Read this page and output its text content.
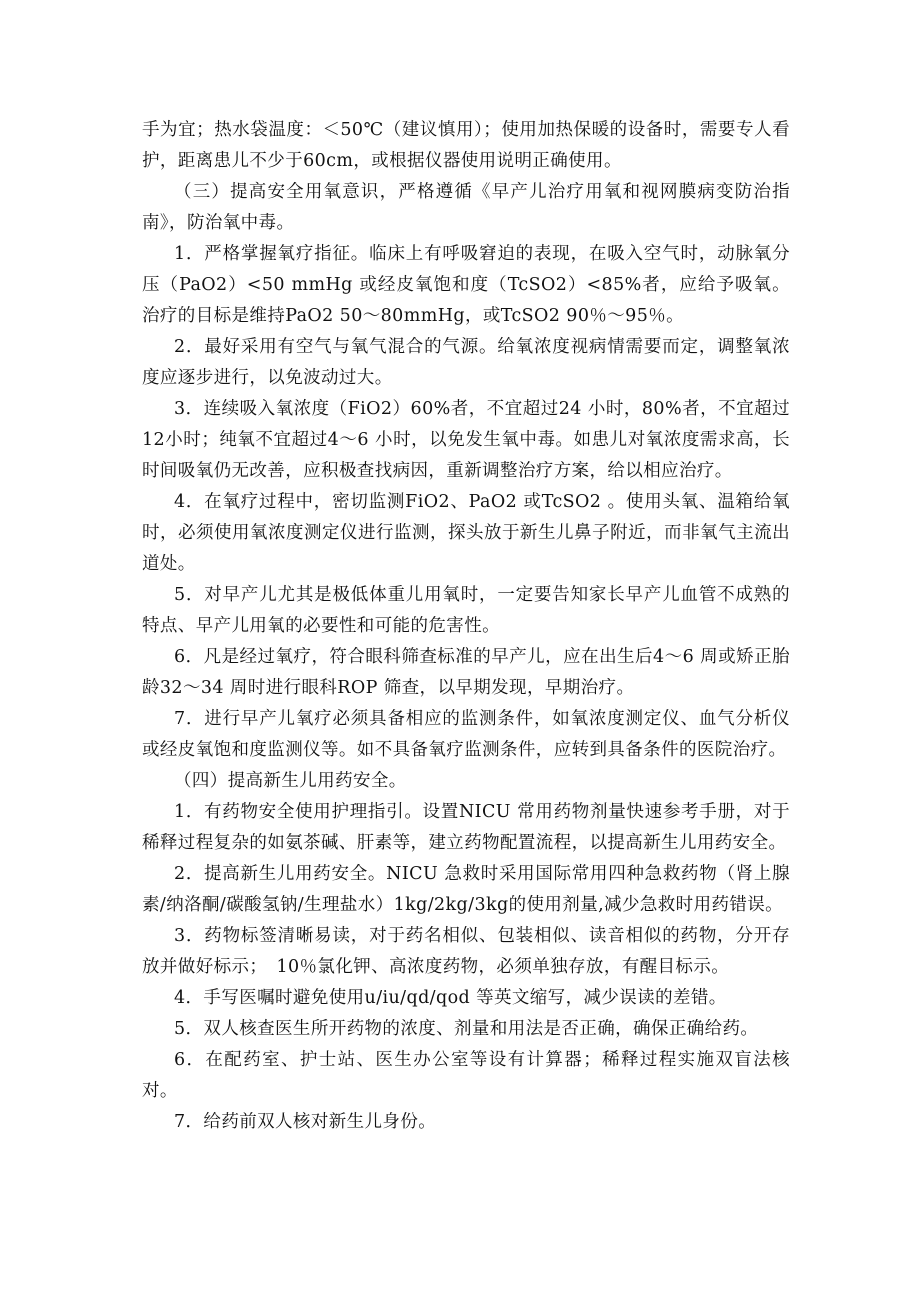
手为宜；热水袋温度：＜50℃（建议慎用）；使用加热保暖的设备时，需要专人看护，距离患儿不少于60cm，或根据仪器使用说明正确使用。

（三）提高安全用氧意识，严格遵循《早产儿治疗用氧和视网膜病变防治指南》，防治氧中毒。

1．严格掌握氧疗指征。临床上有呼吸窘迫的表现，在吸入空气时，动脉氧分压（PaO2）<50 mmHg 或经皮氧饱和度（TcSO2）<85%者，应给予吸氧。治疗的目标是维持PaO2 50～80mmHg，或TcSO2 90％～95％。

2．最好采用有空气与氧气混合的气源。给氧浓度视病情需要而定，调整氧浓度应逐步进行，以免波动过大。

3．连续吸入氧浓度（FiO2）60%者，不宜超过24 小时，80%者，不宜超过12小时；纯氧不宜超过4～6 小时，以免发生氧中毒。如患儿对氧浓度需求高，长时间吸氧仍无改善，应积极查找病因，重新调整治疗方案，给以相应治疗。

4．在氧疗过程中，密切监测FiO2、PaO2 或TcSO2 。使用头氧、温箱给氧时，必须使用氧浓度测定仪进行监测，探头放于新生儿鼻子附近，而非氧气主流出道处。

5．对早产儿尤其是极低体重儿用氧时，一定要告知家长早产儿血管不成熟的特点、早产儿用氧的必要性和可能的危害性。

6．凡是经过氧疗，符合眼科筛查标准的早产儿，应在出生后4～6 周或矫正胎龄32～34 周时进行眼科ROP 筛查，以早期发现，早期治疗。

7．进行早产儿氧疗必须具备相应的监测条件，如氧浓度测定仪、血气分析仪或经皮氧饱和度监测仪等。如不具备氧疗监测条件，应转到具备条件的医院治疗。

（四）提高新生儿用药安全。

1．有药物安全使用护理指引。设置NICU 常用药物剂量快速参考手册，对于稀释过程复杂的如氨茶碱、肝素等，建立药物配置流程，以提高新生儿用药安全。

2．提高新生儿用药安全。NICU 急救时采用国际常用四种急救药物（肾上腺素/纳洛酮/碳酸氢钠/生理盐水）1kg/2kg/3kg的使用剂量,减少急救时用药错误。

3．药物标签清晰易读，对于药名相似、包装相似、读音相似的药物，分开存放并做好标示；　10％氯化钾、高浓度药物，必须单独存放，有醒目标示。

4．手写医嘱时避免使用u/iu/qd/qod 等英文缩写，减少误读的差错。

5．双人核查医生所开药物的浓度、剂量和用法是否正确，确保正确给药。

6．在配药室、护士站、医生办公室等设有计算器；稀释过程实施双盲法核对。

7．给药前双人核对新生儿身份。
